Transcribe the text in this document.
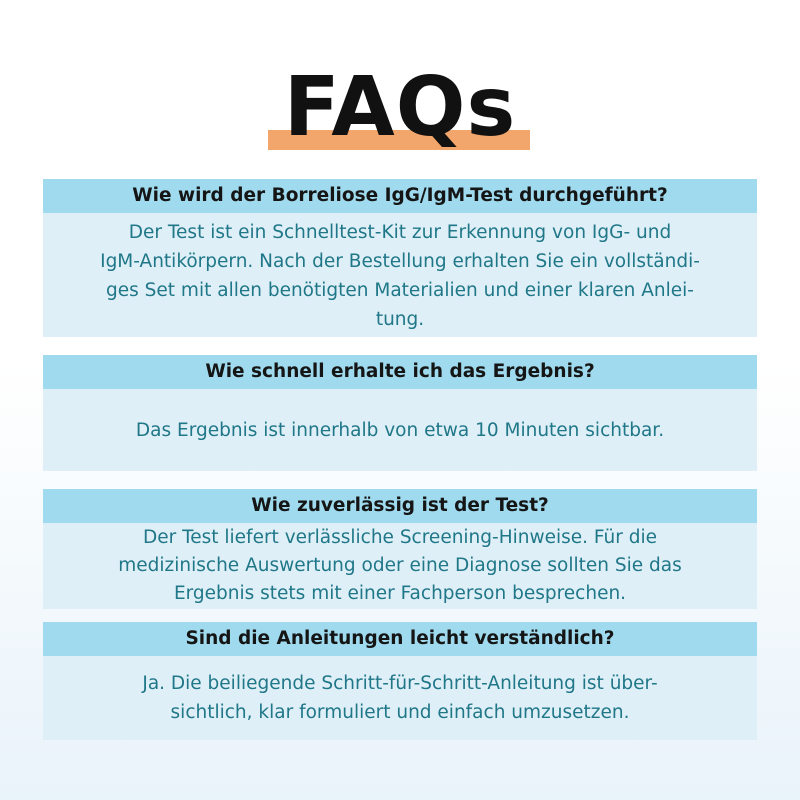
FAQs
Wie wird der Borreliose IgG/IgM-Test durchgeführt?
Der Test ist ein Schnelltest-Kit zur Erkennung von IgG- und
IgM-Antikörpern. Nach der Bestellung erhalten Sie ein vollständi-
ges Set mit allen benötigten Materialien und einer klaren Anlei-
tung.
Wie schnell erhalte ich das Ergebnis?
Das Ergebnis ist innerhalb von etwa 10 Minuten sichtbar.
Wie zuverlässig ist der Test?
Der Test liefert verlässliche Screening-Hinweise. Für die
medizinische Auswertung oder eine Diagnose sollten Sie das
Ergebnis stets mit einer Fachperson besprechen.
Sind die Anleitungen leicht verständlich?
Ja. Die beiliegende Schritt-für-Schritt-Anleitung ist über-
sichtlich, klar formuliert und einfach umzusetzen.
